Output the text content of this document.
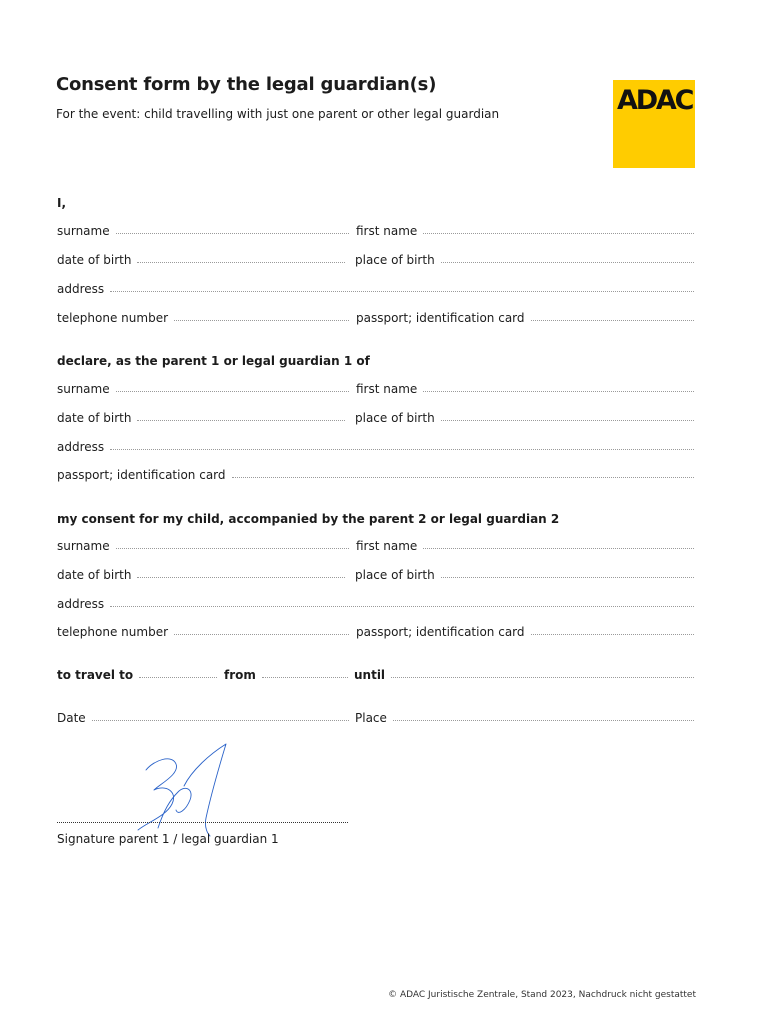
Consent form by the legal guardian(s)

For the event: child travelling with just one parent or other legal guardian	ADAC
I,
surname	first name
date of birth	place of birth
address
telephone number	passport; identification card
declare, as the parent 1 or legal guardian 1 of
surname	first name
date of birth	place of birth
address
passport; identification card
my consent for my child, accompanied by the parent 2 or legal guardian 2
surname	first name
date of birth	place of birth
address
telephone number	passport; identification card
to travel to	from	until
Date	Place
Signature parent 1 / legal guardian 1
© ADAC Juristische Zentrale, Stand 2023, Nachdruck nicht gestattet
